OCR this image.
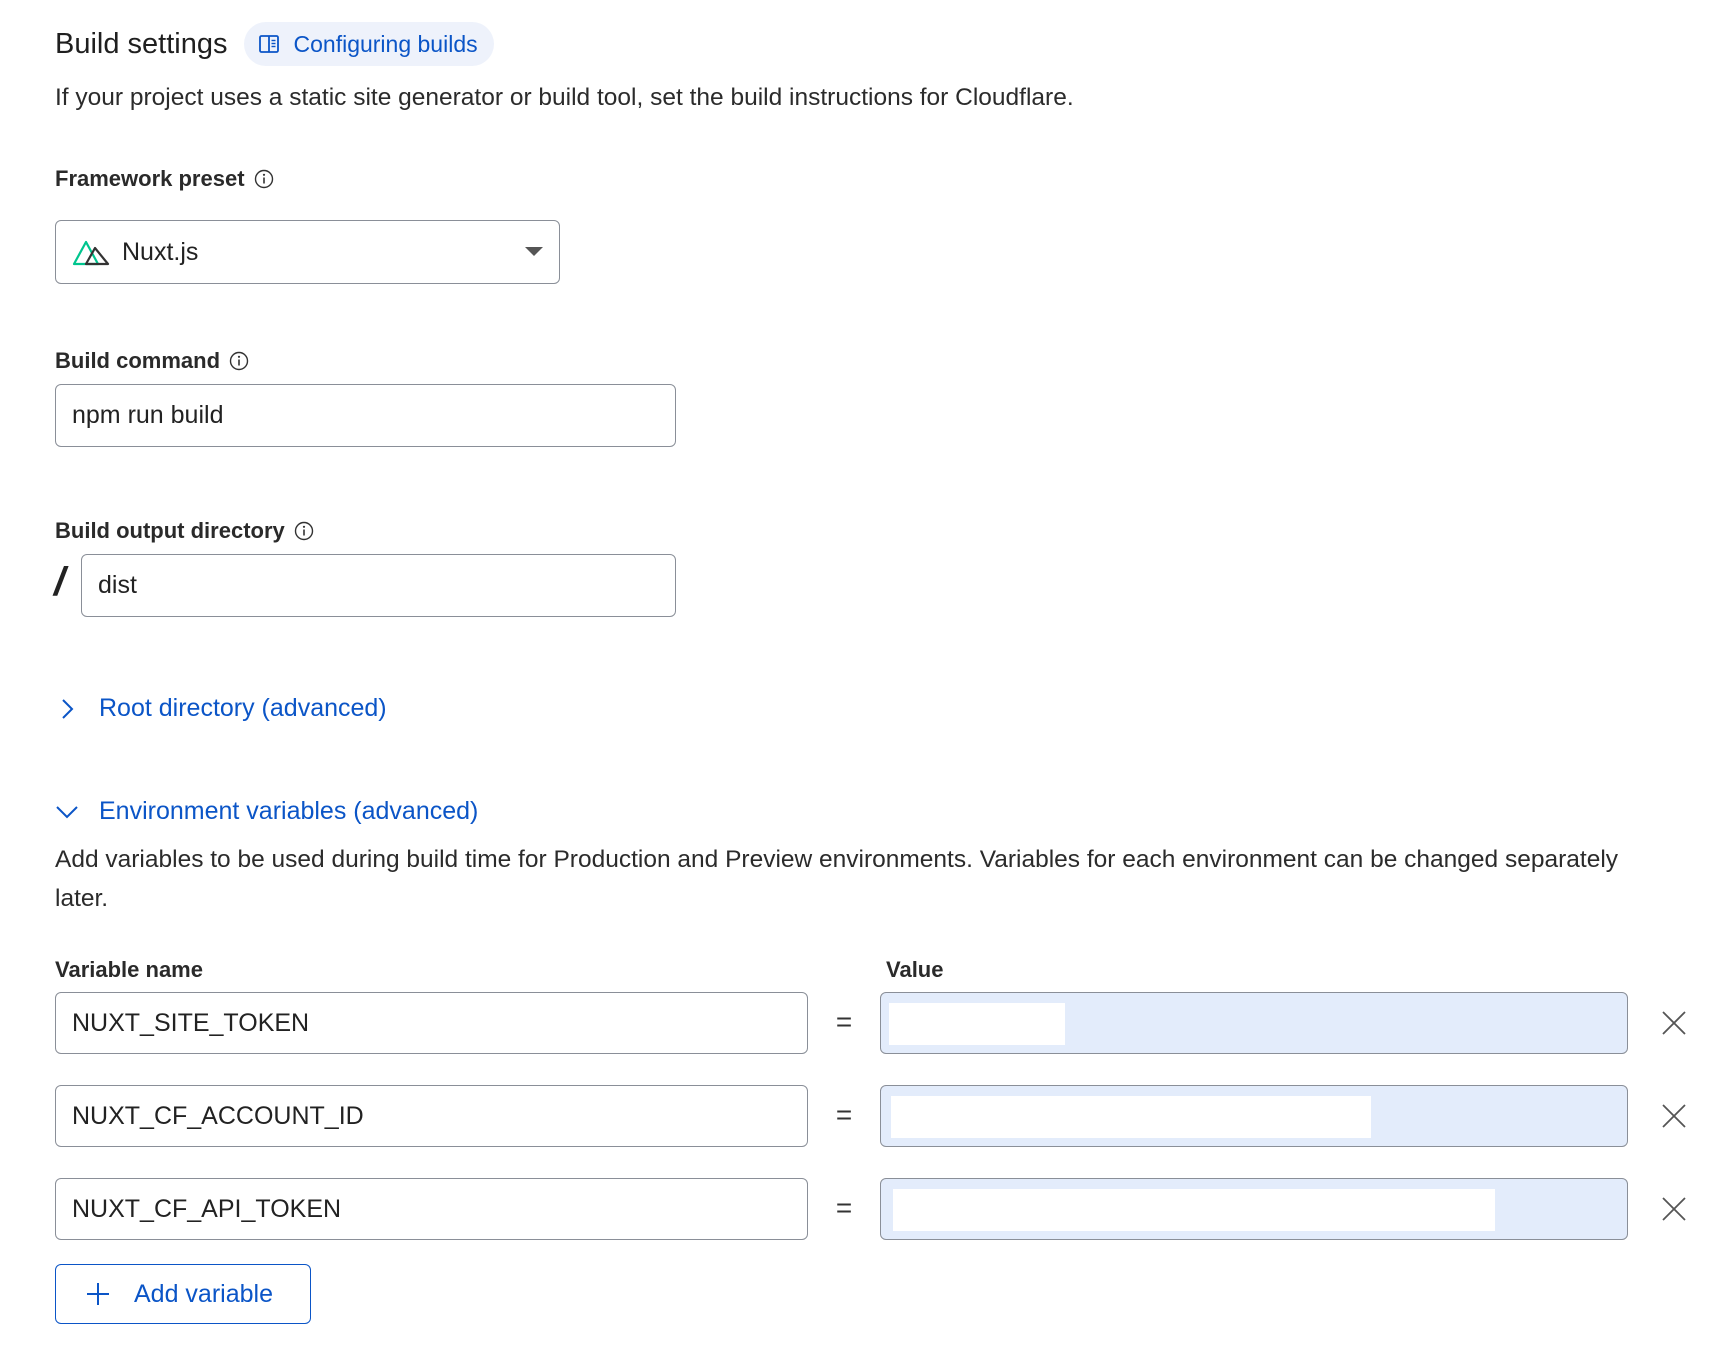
Build settings	Configuring builds
If your project uses a static site generator or build tool, set the build instructions for Cloudflare.
Framework preset
Nuxt.js
Build command
npm run build
Build output directory
/ dist
Root directory (advanced)
Environment variables (advanced)
Add variables to be used during build time for Production and Preview environments. Variables for each environment can be changed separately later.
Variable name	Value
NUXT_SITE_TOKEN	=
NUXT_CF_ACCOUNT_ID	=
NUXT_CF_API_TOKEN	=
Add variable
